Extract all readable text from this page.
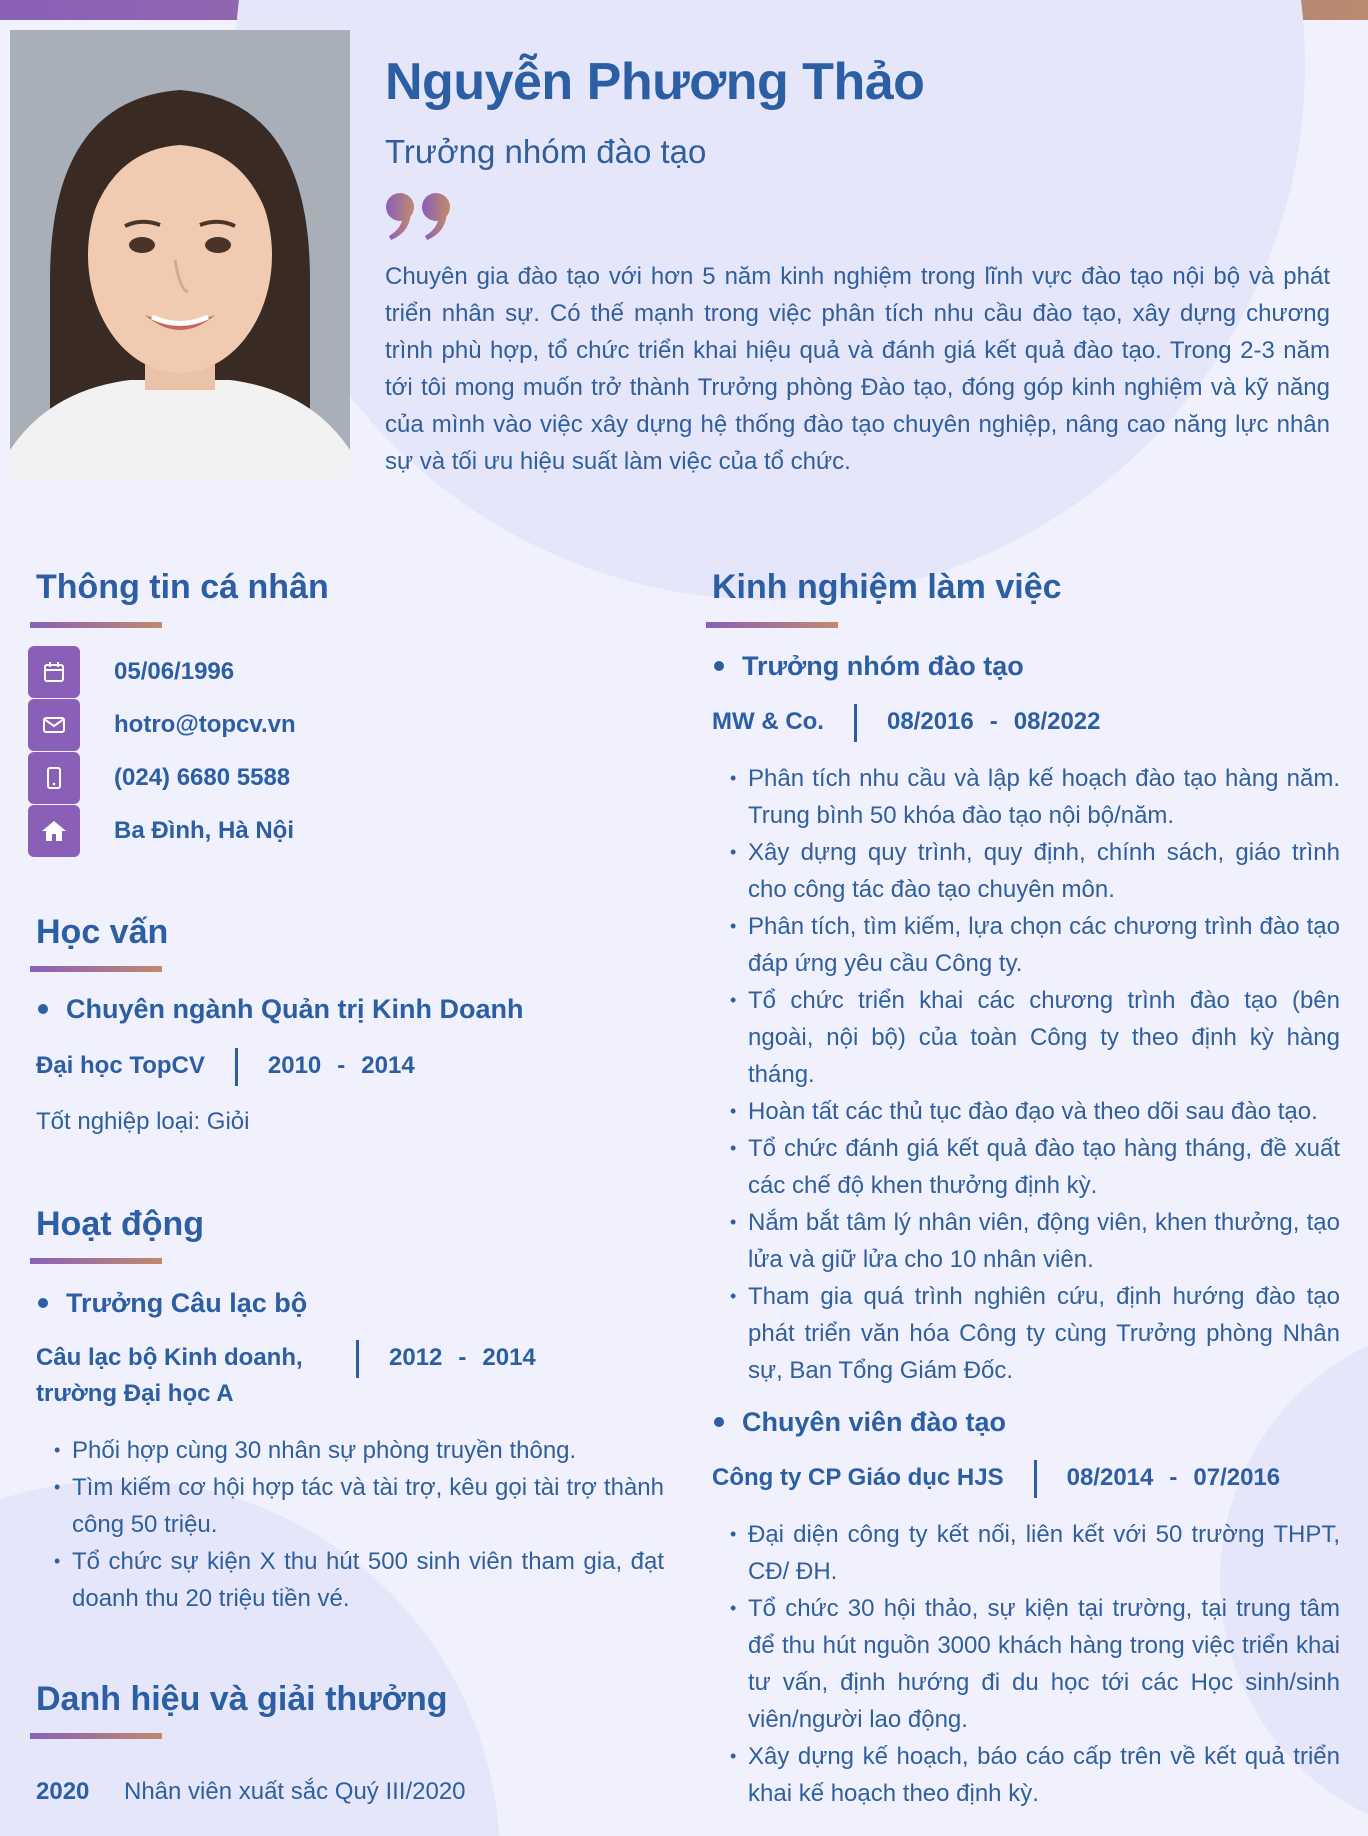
Nguyễn Phương Thảo
Trưởng nhóm đào tạo

Chuyên gia đào tạo với hơn 5 năm kinh nghiệm trong lĩnh vực đào tạo nội bộ và phát triển nhân sự. Có thế mạnh trong việc phân tích nhu cầu đào tạo, xây dựng chương trình phù hợp, tổ chức triển khai hiệu quả và đánh giá kết quả đào tạo. Trong 2-3 năm tới tôi mong muốn trở thành Trưởng phòng Đào tạo, đóng góp kinh nghiệm và kỹ năng của mình vào việc xây dựng hệ thống đào tạo chuyên nghiệp, nâng cao năng lực nhân sự và tối ưu hiệu suất làm việc của tổ chức.

Thông tin cá nhân
05/06/1996
hotro@topcv.vn
(024) 6680 5588
Ba Đình, Hà Nội
Học vấn
Chuyên ngành Quản trị Kinh Doanh
Đại học TopCV	2010 - 2014
Tốt nghiệp loại: Giỏi
Hoạt động
Trưởng Câu lạc bộ
Câu lạc bộ Kinh doanh,
trường Đại học A
2012 - 2014
• Phối hợp cùng 30 nhân sự phòng truyền thông.
• Tìm kiếm cơ hội hợp tác và tài trợ, kêu gọi tài trợ thành công 50 triệu.
• Tổ chức sự kiện X thu hút 500 sinh viên tham gia, đạt doanh thu 20 triệu tiền vé.
Danh hiệu và giải thưởng
2020	Nhân viên xuất sắc Quý III/2020
Kinh nghiệm làm việc
Trưởng nhóm đào tạo
MW & Co.	08/2016 - 08/2022
• Phân tích nhu cầu và lập kế hoạch đào tạo hàng năm. Trung bình 50 khóa đào tạo nội bộ/năm.
• Xây dựng quy trình, quy định, chính sách, giáo trình cho công tác đào tạo chuyên môn.
• Phân tích, tìm kiếm, lựa chọn các chương trình đào tạo đáp ứng yêu cầu Công ty.
• Tổ chức triển khai các chương trình đào tạo (bên ngoài, nội bộ) của toàn Công ty theo định kỳ hàng tháng.
• Hoàn tất các thủ tục đào đạo và theo dõi sau đào tạo.
• Tổ chức đánh giá kết quả đào tạo hàng tháng, đề xuất các chế độ khen thưởng định kỳ.
• Nắm bắt tâm lý nhân viên, động viên, khen thưởng, tạo lửa và giữ lửa cho 10 nhân viên.
• Tham gia quá trình nghiên cứu, định hướng đào tạo phát triển văn hóa Công ty cùng Trưởng phòng Nhân sự, Ban Tổng Giám Đốc.
Chuyên viên đào tạo
Công ty CP Giáo dục HJS	08/2014 - 07/2016
• Đại diện công ty kết nối, liên kết với 50 trường THPT, CĐ/ ĐH.
• Tổ chức 30 hội thảo, sự kiện tại trường, tại trung tâm để thu hút nguồn 3000 khách hàng trong việc triển khai tư vấn, định hướng đi du học tới các Học sinh/sinh viên/người lao động.
• Xây dựng kế hoạch, báo cáo cấp trên về kết quả triển khai kế hoạch theo định kỳ.
